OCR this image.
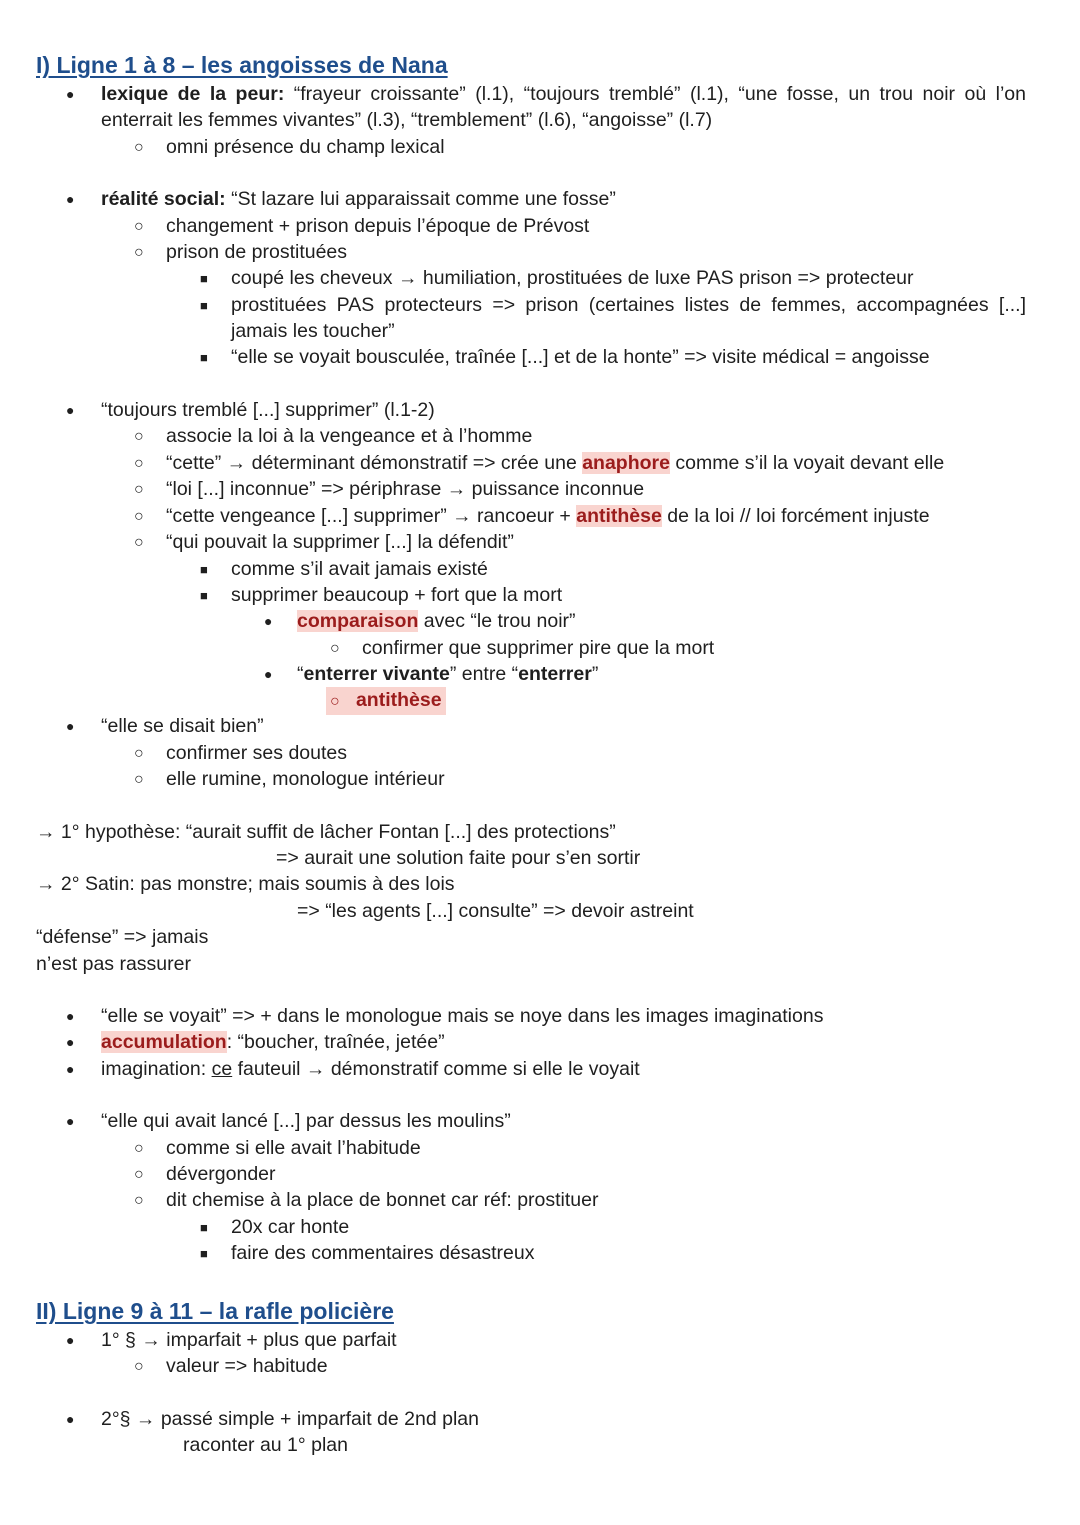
I) Ligne 1 à 8 – les angoisses de Nana
●
lexique de la peur: “frayeur croissante” (l.1), “toujours tremblé” (l.1), “une fosse, un trou noir où l’on
enterrait les femmes vivantes” (l.3), “tremblement” (l.6), “angoisse” (l.7)
○
omni présence du champ lexical
●
réalité social: “St lazare lui apparaissait comme une fosse”
○
changement + prison depuis l’époque de Prévost
○
prison de prostituées
■
coupé les cheveux → humiliation, prostituées de luxe PAS prison => protecteur
■
prostituées PAS protecteurs => prison (certaines listes de femmes, accompagnées [...]
jamais les toucher”
■
“elle se voyait bousculée, traînée [...] et de la honte” => visite médical = angoisse
●
“toujours tremblé [...] supprimer” (l.1-2)
○
associe la loi à la vengeance et à l’homme
○
“cette” → déterminant démonstratif => crée une anaphore comme s’il la voyait devant elle
○
“loi [...] inconnue” => périphrase → puissance inconnue
○
“cette vengeance [...] supprimer” → rancoeur + antithèse de la loi // loi forcément injuste
○
“qui pouvait la supprimer [...] la défendit”
■
comme s’il avait jamais existé
■
supprimer beaucoup + fort que la mort
●
comparaison avec “le trou noir”
○
confirmer que supprimer pire que la mort
●
“enterrer vivante” entre “enterrer”
○    antithèse
●
“elle se disait bien”
○
confirmer ses doutes
○
elle rumine, monologue intérieur
→ 1° hypothèse: “aurait suffit de lâcher Fontan [...] des protections”
=> aurait une solution faite pour s’en sortir
→ 2° Satin: pas monstre; mais soumis à des lois
=> “les agents [...] consulte” => devoir astreint
“défense” => jamais
n’est pas rassurer
●
“elle se voyait” => + dans le monologue mais se noye dans les images imaginations
●
accumulation: “boucher, traînée, jetée”
●
imagination: ce fauteuil → démonstratif comme si elle le voyait
●
“elle qui avait lancé [...] par dessus les moulins”
○
comme si elle avait l’habitude
○
dévergonder
○
dit chemise à la place de bonnet car réf: prostituer
■
20x car honte
■
faire des commentaires désastreux
II) Ligne 9 à 11 – la rafle policière
●
1° § → imparfait + plus que parfait
○
valeur => habitude
●
2°§ → passé simple + imparfait de 2nd plan
raconter au 1° plan
